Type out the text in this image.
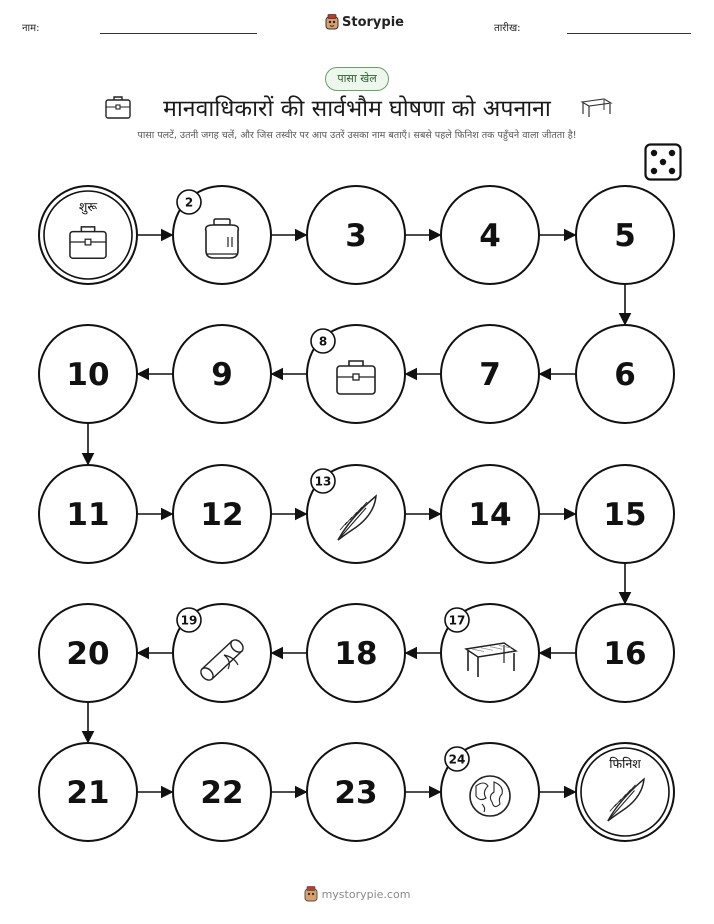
नाम:	Storypie	तारीख:
पासा खेल
मानवाधिकारों की सार्वभौम घोषणा को अपनाना
पासा पलटें, उतनी जगह चलें, और जिस तस्वीर पर आप उतरें उसका नाम बताएँ। सबसे पहले फिनिश तक पहुँचने वाला जीतता है!
शुरू	2
3	4	5
10	9
8
7	6
11	12
13
14	15
20
19
18
17
16
21	22	23
24	फिनिश
mystorypie.com
